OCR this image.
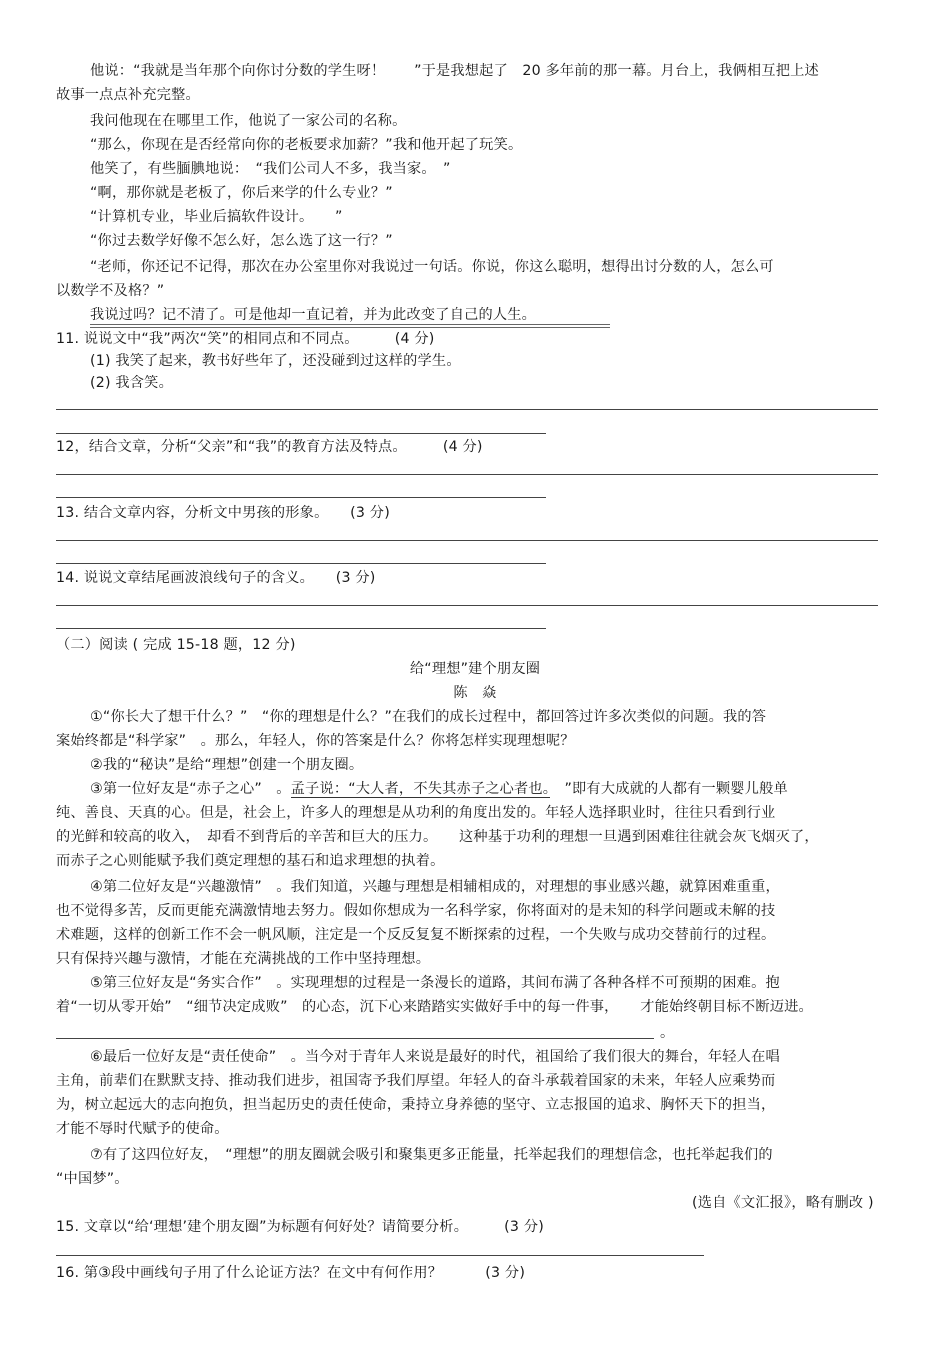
他说：“我就是当年那个向你讨分数的学生呀！　　”于是我想起了　20 多年前的那一幕。月台上，我俩相互把上述
故事一点点补充完整。
我问他现在在哪里工作，他说了一家公司的名称。
“那么，你现在是否经常向你的老板要求加薪？”我和他开起了玩笑。
他笑了，有些腼腆地说：　“我们公司人不多，我当家。　”
“啊，那你就是老板了，你后来学的什么专业？”
“计算机专业，毕业后搞软件设计。　　”
“你过去数学好像不怎么好，怎么选了这一行？”
“老师，你还记不记得，那次在办公室里你对我说过一句话。你说，你这么聪明，想得出讨分数的人，怎么可
以数学不及格？”
我说过吗？记不清了。可是他却一直记着，并为此改变了自己的人生。
11. 说说文中“我”两次“笑”的相同点和不同点。　　　(4 分)
(1) 我笑了起来，教书好些年了，还没碰到过这样的学生。
(2) 我含笑。
12，结合文章，分析“父亲”和“我”的教育方法及特点。　　　(4 分)
13. 结合文章内容，分析文中男孩的形象。　　(3 分)
14. 说说文章结尾画波浪线句子的含义。　　(3 分)
（二）阅读 ( 完成 15-18 题，12 分)
给“理想”建个朋友圈
陈　焱
①“你长大了想干什么？”　“你的理想是什么？”在我们的成长过程中，都回答过许多次类似的问题。我的答
案始终都是“科学家”　。那么，年轻人，你的答案是什么？你将怎样实现理想呢？
②我的“秘诀”是给“理想”创建一个朋友圈。
③第一位好友是“赤子之心”　。孟子说：“大人者，不失其赤子之心者也。　”即有大成就的人都有一颗婴儿般单
纯、善良、天真的心。但是，社会上，许多人的理想是从功利的角度出发的。年轻人选择职业时，往往只看到行业
的光鲜和较高的收入，　却看不到背后的辛苦和巨大的压力。　　这种基于功利的理想一旦遇到困难往往就会灰飞烟灭了，
而赤子之心则能赋予我们奠定理想的基石和追求理想的执着。
④第二位好友是“兴趣激情”　。我们知道，兴趣与理想是相辅相成的，对理想的事业感兴趣，就算困难重重，
也不觉得多苦，反而更能充满激情地去努力。假如你想成为一名科学家，你将面对的是未知的科学问题或未解的技
术难题，这样的创新工作不会一帆风顺，注定是一个反反复复不断探索的过程，一个失败与成功交替前行的过程。
只有保持兴趣与激情，才能在充满挑战的工作中坚持理想。
⑤第三位好友是“务实合作”　。实现理想的过程是一条漫长的道路，其间布满了各种各样不可预期的困难。抱
着“一切从零开始”　“细节决定成败”　的心态，沉下心来踏踏实实做好手中的每一件事，　　才能始终朝目标不断迈进。
。
⑥最后一位好友是“责任使命”　。当今对于青年人来说是最好的时代，祖国给了我们很大的舞台，年轻人在唱
主角，前辈们在默默支持、推动我们进步，祖国寄予我们厚望。年轻人的奋斗承载着国家的未来，年轻人应乘势而
为，树立起远大的志向抱负，担当起历史的责任使命，秉持立身养德的坚守、立志报国的追求、胸怀天下的担当，
才能不辱时代赋予的使命。
⑦有了这四位好友，　“理想”的朋友圈就会吸引和聚集更多正能量，托举起我们的理想信念，也托举起我们的
“中国梦”。
(选自《文汇报》，略有删改 )
15. 文章以“给‘理想’建个朋友圈”为标题有何好处？请简要分析。　　　(3 分)
16. 第③段中画线句子用了什么论证方法？在文中有何作用？　　　(3 分)
